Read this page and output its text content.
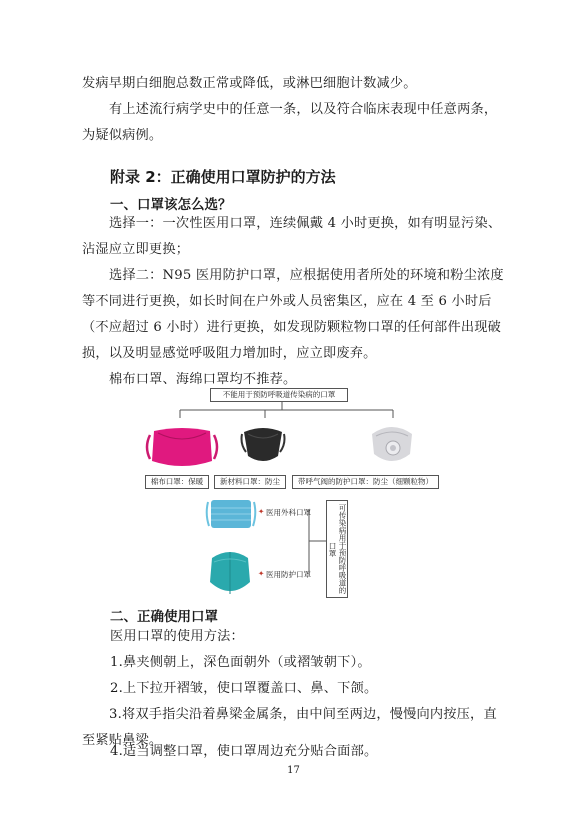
发病早期白细胞总数正常或降低，或淋巴细胞计数减少。
有上述流行病学史中的任意一条，以及符合临床表现中任意两条，为疑似病例。
附录 2：正确使用口罩防护的方法
一、口罩该怎么选？
选择一：一次性医用口罩，连续佩戴 4 小时更换，如有明显污染、沾湿应立即更换；
选择二：N95 医用防护口罩，应根据使用者所处的环境和粉尘浓度等不同进行更换，如长时间在户外或人员密集区，应在 4 至 6 小时后（不应超过 6 小时）进行更换，如发现防颗粒物口罩的任何部件出现破损，以及明显感觉呼吸阻力增加时，应立即废弃。
棉布口罩、海绵口罩均不推荐。
不能用于预防呼吸道传染病的口罩
棉布口罩：保暖	新材料口罩：防尘	带呼气阀的防护口罩：防尘（细颗粒物）
✦ 医用外科口罩
✦ 医用防护口罩	可传染病用于预防呼吸道的口罩
二、正确使用口罩
医用口罩的使用方法：
1.鼻夹侧朝上，深色面朝外（或褶皱朝下）。
2.上下拉开褶皱，使口罩覆盖口、鼻、下颌。
3.将双手指尖沿着鼻梁金属条，由中间至两边，慢慢向内按压，直至紧贴鼻梁。
4.适当调整口罩，使口罩周边充分贴合面部。
17
